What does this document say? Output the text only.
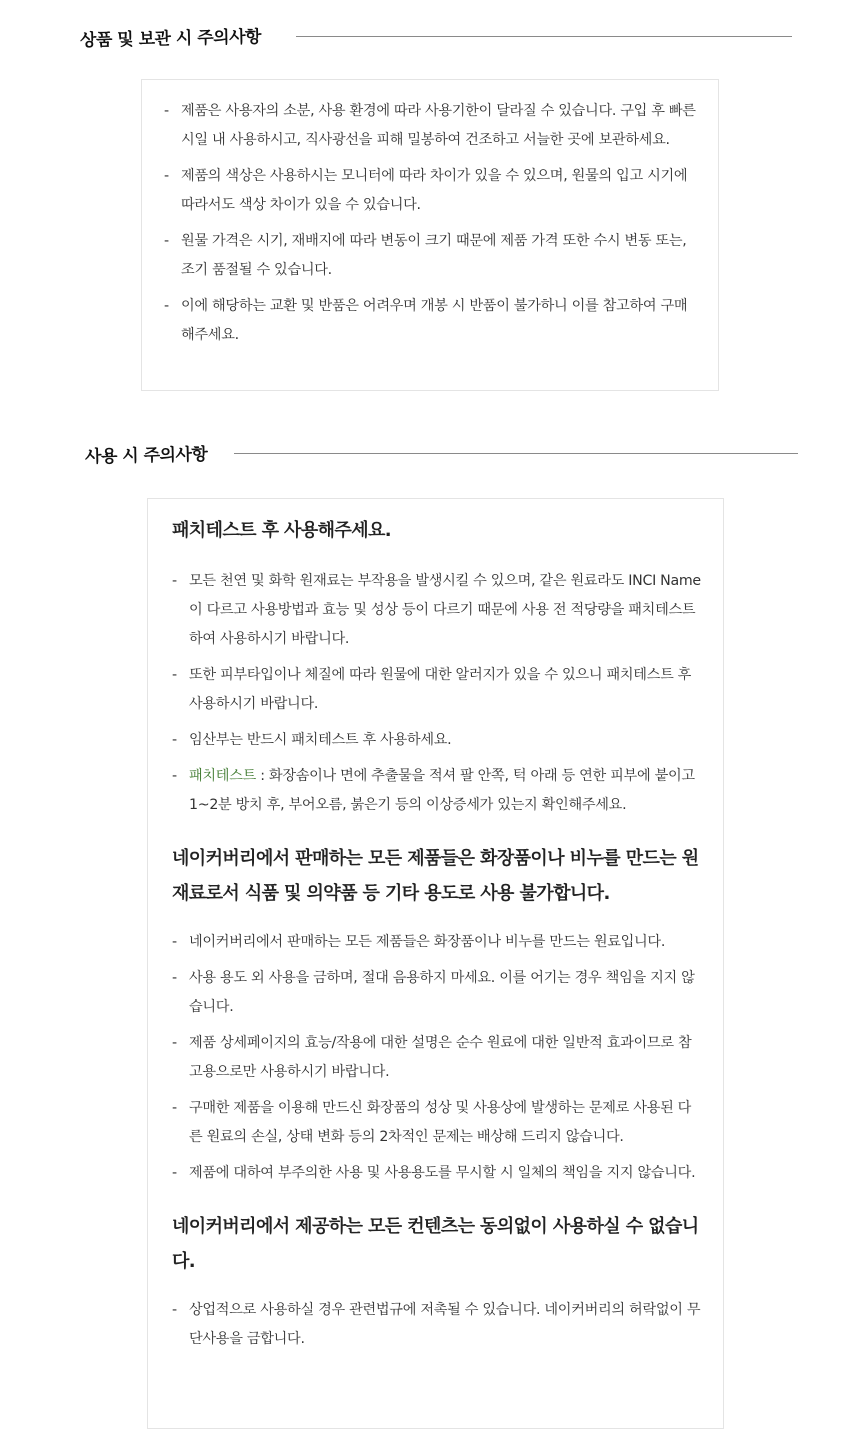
상품 및 보관 시 주의사항
- 제품은 사용자의 소분, 사용 환경에 따라 사용기한이 달라질 수 있습니다. 구입 후 빠른 시일 내 사용하시고, 직사광선을 피해 밀봉하여 건조하고 서늘한 곳에 보관하세요.
- 제품의 색상은 사용하시는 모니터에 따라 차이가 있을 수 있으며, 원물의 입고 시기에 따라서도 색상 차이가 있을 수 있습니다.
- 원물 가격은 시기, 재배지에 따라 변동이 크기 때문에 제품 가격 또한 수시 변동 또는, 조기 품절될 수 있습니다.
- 이에 해당하는 교환 및 반품은 어려우며 개봉 시 반품이 불가하니 이를 참고하여 구매해주세요.
사용 시 주의사항

패치테스트 후 사용해주세요.

- 모든 천연 및 화학 원재료는 부작용을 발생시킬 수 있으며, 같은 원료라도 INCI Name이 다르고 사용방법과 효능 및 성상 등이 다르기 때문에 사용 전 적당량을 패치테스트 하여 사용하시기 바랍니다.
- 또한 피부타입이나 체질에 따라 원물에 대한 알러지가 있을 수 있으니 패치테스트 후 사용하시기 바랍니다.
- 임산부는 반드시 패치테스트 후 사용하세요.
- 패치테스트 : 화장솜이나 면에 추출물을 적셔 팔 안쪽, 턱 아래 등 연한 피부에 붙이고 1~2분 방치 후, 부어오름, 붉은기 등의 이상증세가 있는지 확인해주세요.

네이커버리에서 판매하는 모든 제품들은 화장품이나 비누를 만드는 원재료로서 식품 및 의약품 등 기타 용도로 사용 불가합니다.

- 네이커버리에서 판매하는 모든 제품들은 화장품이나 비누를 만드는 원료입니다.
- 사용 용도 외 사용을 금하며, 절대 음용하지 마세요. 이를 어기는 경우 책임을 지지 않습니다.
- 제품 상세페이지의 효능/작용에 대한 설명은 순수 원료에 대한 일반적 효과이므로 참고용으로만 사용하시기 바랍니다.
- 구매한 제품을 이용해 만드신 화장품의 성상 및 사용상에 발생하는 문제로 사용된 다른 원료의 손실, 상태 변화 등의 2차적인 문제는 배상해 드리지 않습니다.
- 제품에 대하여 부주의한 사용 및 사용용도를 무시할 시 일체의 책임을 지지 않습니다.

네이커버리에서 제공하는 모든 컨텐츠는 동의없이 사용하실 수 없습니다.

- 상업적으로 사용하실 경우 관련법규에 저촉될 수 있습니다. 네이커버리의 허락없이 무단사용을 금합니다.
